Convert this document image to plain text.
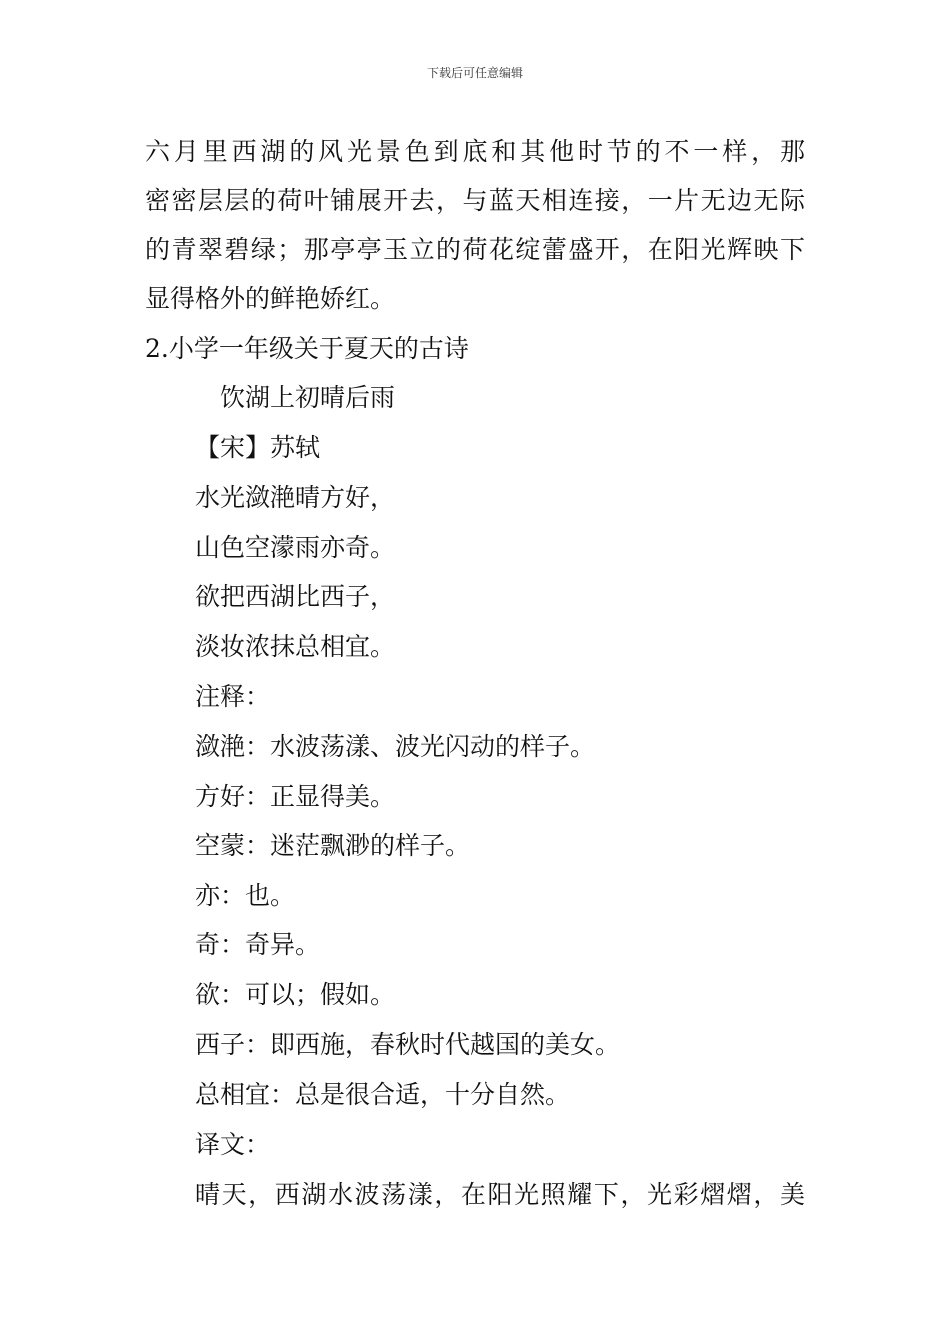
下载后可任意编辑
六月里西湖的风光景色到底和其他时节的不一样，那
密密层层的荷叶铺展开去，与蓝天相连接，一片无边无际
的青翠碧绿；那亭亭玉立的荷花绽蕾盛开，在阳光辉映下
显得格外的鲜艳娇红。
2.小学一年级关于夏天的古诗
饮湖上初晴后雨
【宋】苏轼
水光潋滟晴方好，
山色空濛雨亦奇。
欲把西湖比西子，
淡妆浓抹总相宜。
注释：
潋滟：水波荡漾、波光闪动的样子。
方好：正显得美。
空蒙：迷茫飘渺的样子。
亦：也。
奇：奇异。
欲：可以；假如。
西子：即西施，春秋时代越国的美女。
总相宜：总是很合适，十分自然。
译文：
晴天，西湖水波荡漾，在阳光照耀下，光彩熠熠，美
